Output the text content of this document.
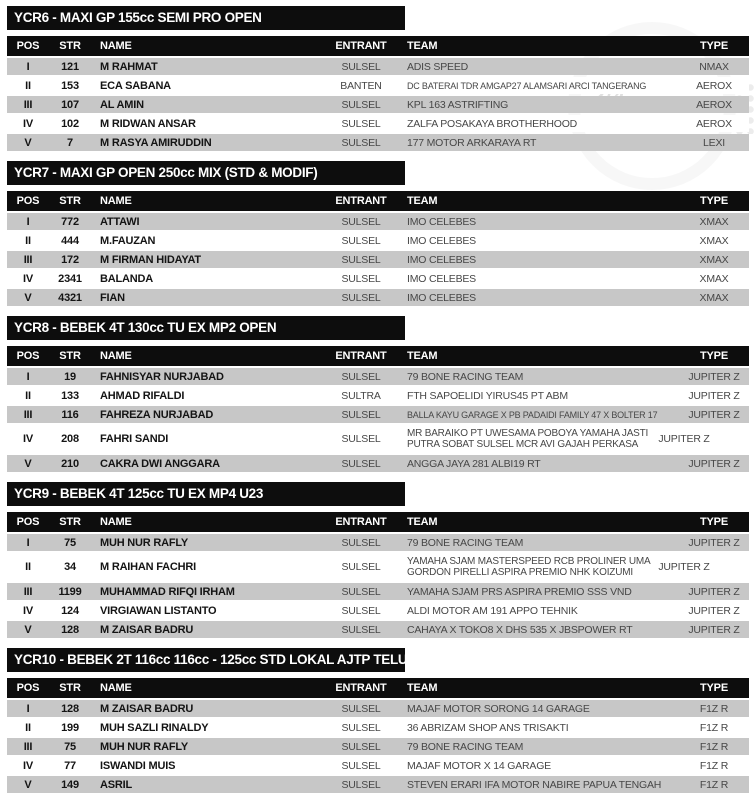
YCR6 - MAXI GP 155cc SEMI PRO OPEN
POS	STR	NAME	ENTRANT	TEAM	TYPE
I	121	M RAHMAT	SULSEL	ADIS SPEED	NMAX
II	153	ECA SABANA	BANTEN	DC BATERAI TDR AMGAP27 ALAMSARI ARCI TANGERANG	AEROX
III	107	AL AMIN	SULSEL	KPL 163 ASTRIFTING	AEROX
IV	102	M RIDWAN ANSAR	SULSEL	ZALFA POSAKAYA BROTHERHOOD	AEROX
V	7	M RASYA AMIRUDDIN	SULSEL	177 MOTOR ARKARAYA RT	LEXI
YCR7 - MAXI GP OPEN 250cc MIX (STD & MODIF)
POS	STR	NAME	ENTRANT	TEAM	TYPE
I	772	ATTAWI	SULSEL	IMO CELEBES	XMAX
II	444	M.FAUZAN	SULSEL	IMO CELEBES	XMAX
III	172	M FIRMAN HIDAYAT	SULSEL	IMO CELEBES	XMAX
IV	2341	BALANDA	SULSEL	IMO CELEBES	XMAX
V	4321	FIAN	SULSEL	IMO CELEBES	XMAX
YCR8 - BEBEK 4T 130cc TU EX MP2 OPEN
POS	STR	NAME	ENTRANT	TEAM	TYPE
I	19	FAHNISYAR NURJABAD	SULSEL	79 BONE RACING TEAM	JUPITER Z
II	133	AHMAD RIFALDI	SULTRA	FTH SAPOELIDI YIRUS45 PT ABM	JUPITER Z
III	116	FAHREZA NURJABAD	SULSEL	BALLA KAYU GARAGE X PB PADAIDI FAMILY 47 X BOLTER 17	JUPITER Z
IV	208	FAHRI SANDI	SULSEL	MR BARAIKO PT UWESAMA POBOYA YAMAHA JASTI PUTRA SOBAT SULSEL MCR AVI GAJAH PERKASA	JUPITER Z
V	210	CAKRA DWI ANGGARA	SULSEL	ANGGA JAYA 281 ALBI19 RT	JUPITER Z
YCR9 - BEBEK 4T 125cc TU EX MP4 U23
POS	STR	NAME	ENTRANT	TEAM	TYPE
I	75	MUH NUR RAFLY	SULSEL	79 BONE RACING TEAM	JUPITER Z
II	34	M RAIHAN FACHRI	SULSEL	YAMAHA SJAM MASTERSPEED RCB PROLINER UMA GORDON PIRELLI ASPIRA PREMIO NHK KOIZUMI	JUPITER Z
III	1199	MUHAMMAD RIFQI IRHAM	SULSEL	YAMAHA SJAM PRS ASPIRA PREMIO SSS VND	JUPITER Z
IV	124	VIRGIAWAN LISTANTO	SULSEL	ALDI MOTOR AM 191 APPO TEHNIK	JUPITER Z
V	128	M ZAISAR BADRU	SULSEL	CAHAYA X TOKO8 X DHS 535 X JBSPOWER RT	JUPITER Z
YCR10 - BEBEK 2T 116cc 116cc - 125cc STD LOKAL AJTP TELUR
POS	STR	NAME	ENTRANT	TEAM	TYPE
I	128	M ZAISAR BADRU	SULSEL	MAJAF MOTOR SORONG 14 GARAGE	F1Z R
II	199	MUH SAZLI RINALDY	SULSEL	36 ABRIZAM SHOP ANS TRISAKTI	F1Z R
III	75	MUH NUR RAFLY	SULSEL	79 BONE RACING TEAM	F1Z R
IV	77	ISWANDI MUIS	SULSEL	MAJAF MOTOR X 14 GARAGE	F1Z R
V	149	ASRIL	SULSEL	STEVEN ERARI IFA MOTOR NABIRE PAPUA TENGAH	F1Z R
